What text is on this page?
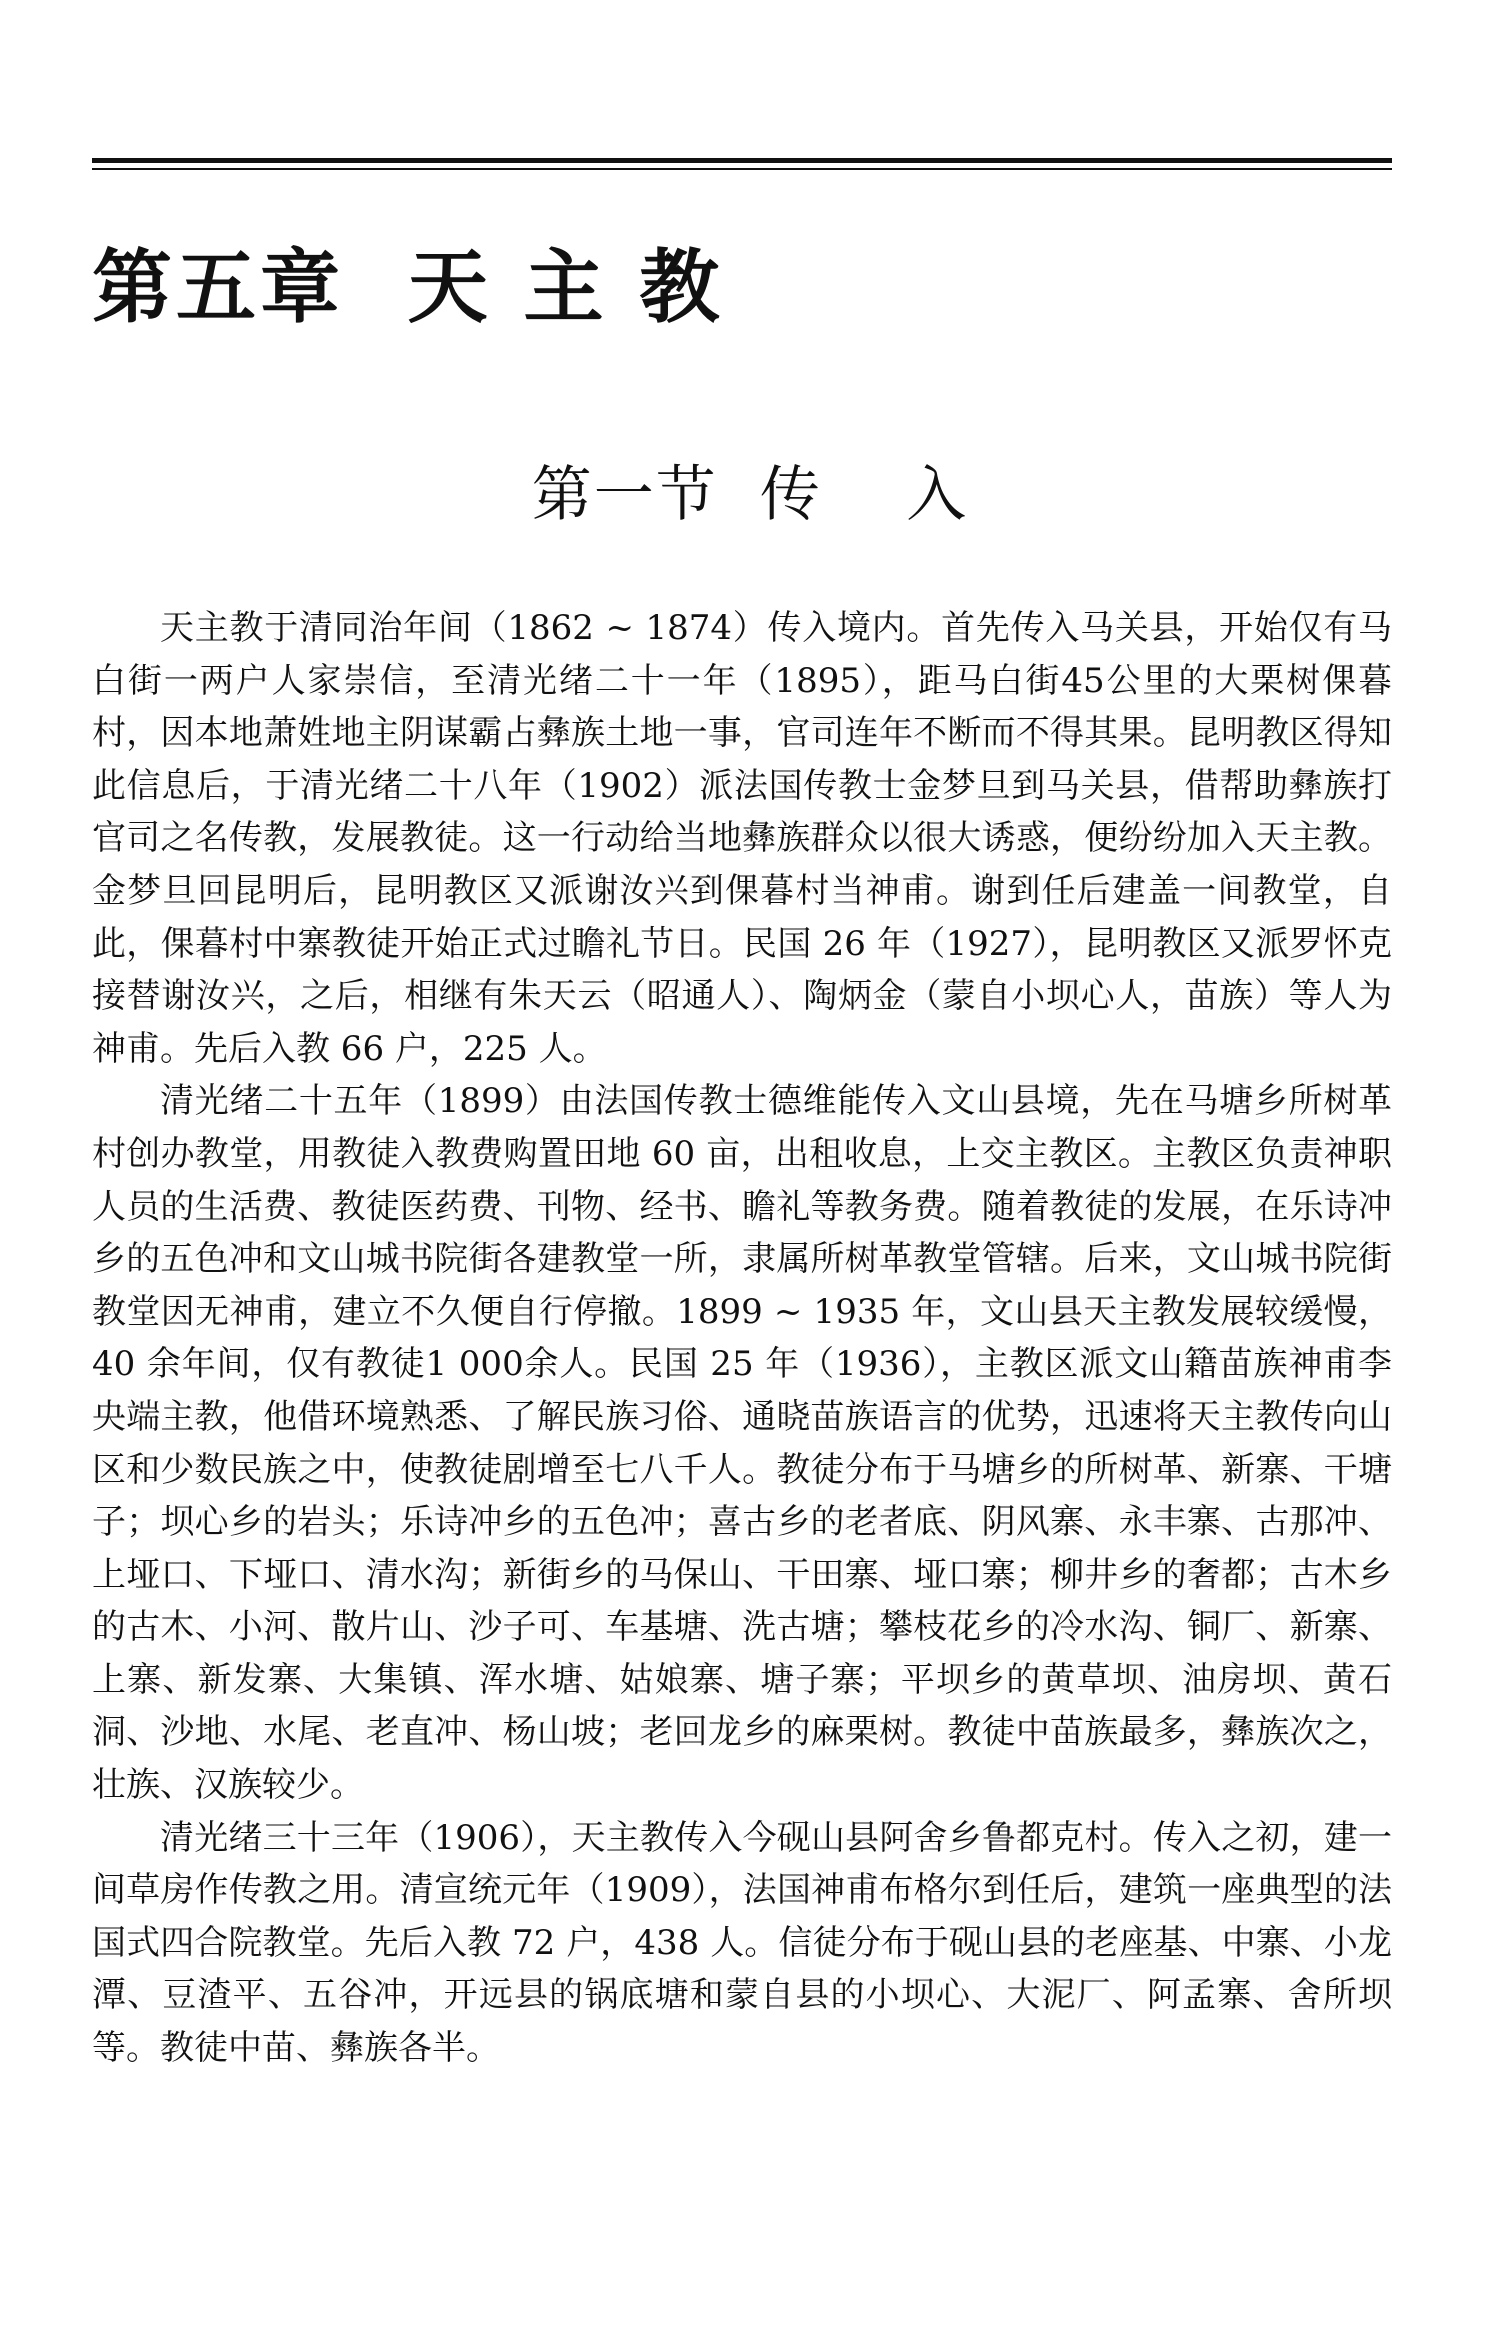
第五章  天 主 教
第一节  传    入

天主教于清同治年间（1862 ~ 1874）传入境内。首先传入马关县，开始仅有马白街一两户人家崇信，至清光绪二十一年（1895），距马白街45公里的大栗树倮暮村，因本地萧姓地主阴谋霸占彝族土地一事，官司连年不断而不得其果。昆明教区得知此信息后，于清光绪二十八年（1902）派法国传教士金梦旦到马关县，借帮助彝族打官司之名传教，发展教徒。这一行动给当地彝族群众以很大诱惑，便纷纷加入天主教。金梦旦回昆明后，昆明教区又派谢汝兴到倮暮村当神甫。谢到任后建盖一间教堂，自此，倮暮村中寨教徒开始正式过瞻礼节日。民国 26 年（1927），昆明教区又派罗怀克接替谢汝兴，之后，相继有朱天云（昭通人）、陶炳金（蒙自小坝心人，苗族）等人为神甫。先后入教 66 户，225 人。

清光绪二十五年（1899）由法国传教士德维能传入文山县境，先在马塘乡所树革村创办教堂，用教徒入教费购置田地 60 亩，出租收息，上交主教区。主教区负责神职人员的生活费、教徒医药费、刊物、经书、瞻礼等教务费。随着教徒的发展，在乐诗冲乡的五色冲和文山城书院街各建教堂一所，隶属所树革教堂管辖。后来，文山城书院街教堂因无神甫，建立不久便自行停撤。1899 ~ 1935 年，文山县天主教发展较缓慢，40 余年间，仅有教徒1 000余人。民国 25 年（1936），主教区派文山籍苗族神甫李央端主教，他借环境熟悉、了解民族习俗、通晓苗族语言的优势，迅速将天主教传向山区和少数民族之中，使教徒剧增至七八千人。教徒分布于马塘乡的所树革、新寨、干塘子；坝心乡的岩头；乐诗冲乡的五色冲；喜古乡的老者底、阴风寨、永丰寨、古那冲、上垭口、下垭口、清水沟；新街乡的马保山、干田寨、垭口寨；柳井乡的奢都；古木乡的古木、小河、散片山、沙子可、车基塘、洗古塘；攀枝花乡的冷水沟、铜厂、新寨、上寨、新发寨、大集镇、浑水塘、姑娘寨、塘子寨；平坝乡的黄草坝、油房坝、黄石洞、沙地、水尾、老直冲、杨山坡；老回龙乡的麻栗树。教徒中苗族最多，彝族次之，壮族、汉族较少。

清光绪三十三年（1906），天主教传入今砚山县阿舍乡鲁都克村。传入之初，建一间草房作传教之用。清宣统元年（1909），法国神甫布格尔到任后，建筑一座典型的法国式四合院教堂。先后入教 72 户，438 人。信徒分布于砚山县的老座基、中寨、小龙潭、豆渣平、五谷冲，开远县的锅底塘和蒙自县的小坝心、大泥厂、阿孟寨、舍所坝等。教徒中苗、彝族各半。
